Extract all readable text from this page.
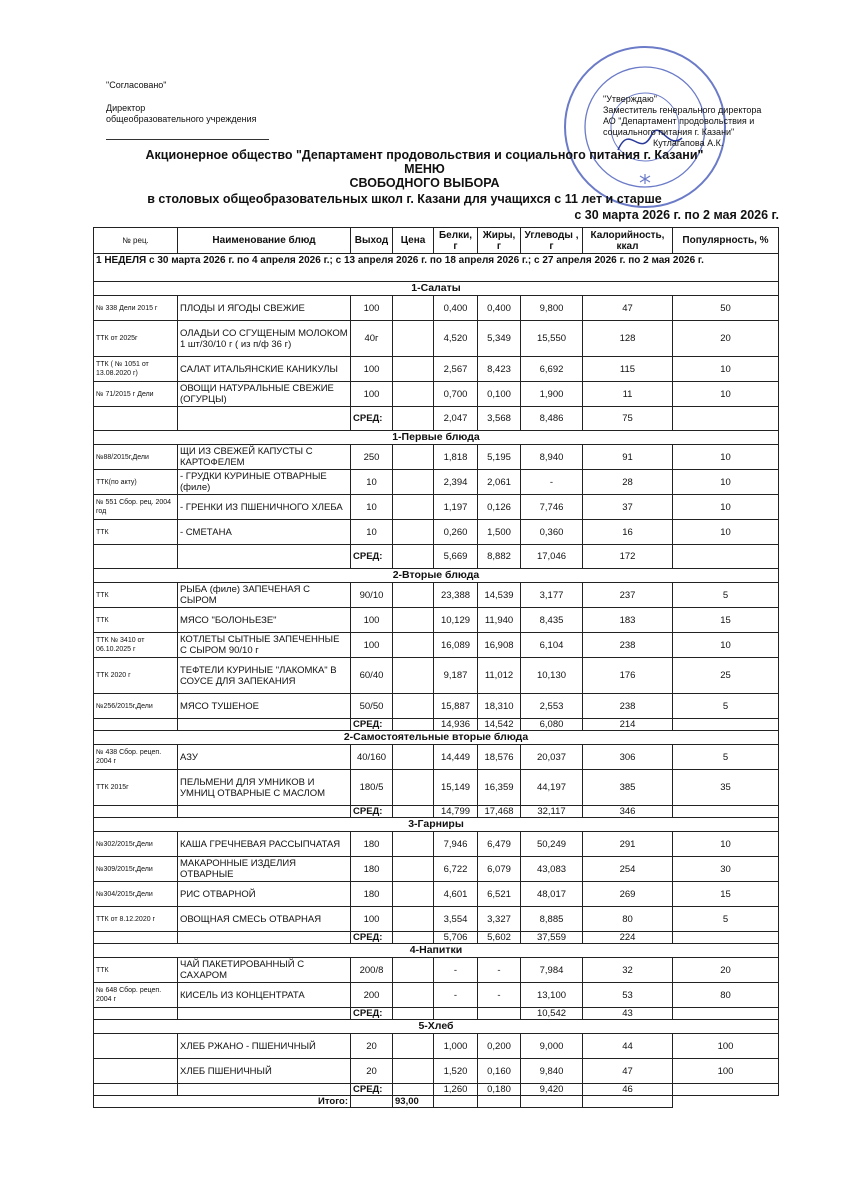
"Согласовано"
Директор
общеобразовательного учреждения
"Утверждаю"
Заместитель генерального директора
АО "Департамент продовольствия и
социального питания г. Казани"
Кутлагапова А.К.
Акционерное общество "Департамент продовольствия и социального питания г. Казани"
МЕНЮ
СВОБОДНОГО ВЫБОРА
в столовых общеобразовательных школ г. Казани для учащихся с 11 лет и старше
с 30 марта 2026 г. по 2 мая 2026 г.
№ рец.	Наименование блюд	Выход	Цена	Белки, г	Жиры, г	Углеводы , г	Калорийность, ккал	Популярность, %
1 НЕДЕЛЯ с 30 марта 2026 г. по 4 апреля 2026 г.; с 13 апреля 2026 г. по 18 апреля 2026 г.; с 27 апреля 2026 г. по 2 мая 2026 г.								
1-Салаты								
№ 338 Дели 2015 г	ПЛОДЫ И ЯГОДЫ СВЕЖИЕ	100		0,400	0,400	9,800	47	50
ТТК от 2025г	ОЛАДЬИ СО СГУЩЕНЫМ МОЛОКОМ 1 шт/30/10 г ( из п/ф 36 г)	40г		4,520	5,349	15,550	128	20
ТТК ( № 1051 от 13.08.2020 г)	САЛАТ ИТАЛЬЯНСКИЕ КАНИКУЛЫ	100		2,567	8,423	6,692	115	10
№ 71/2015 г Дели	ОВОЩИ НАТУРАЛЬНЫЕ СВЕЖИЕ (ОГУРЦЫ)	100		0,700	0,100	1,900	11	10
		СРЕД:		2,047	3,568	8,486	75	
1-Первые блюда								
№88/2015г,Дели	ЩИ ИЗ СВЕЖЕЙ КАПУСТЫ С КАРТОФЕЛЕМ	250		1,818	5,195	8,940	91	10
ТТК(по акту)	- ГРУДКИ КУРИНЫЕ ОТВАРНЫЕ (филе)	10		2,394	2,061	-	28	10
№ 551 Сбор. рец. 2004 год	- ГРЕНКИ ИЗ ПШЕНИЧНОГО ХЛЕБА	10		1,197	0,126	7,746	37	10
ТТК	- СМЕТАНА	10		0,260	1,500	0,360	16	10
		СРЕД:		5,669	8,882	17,046	172	
2-Вторые блюда								
ТТК	РЫБА (филе) ЗАПЕЧЕНАЯ С СЫРОМ	90/10		23,388	14,539	3,177	237	5
ТТК	МЯСО "БОЛОНЬЕЗЕ"	100		10,129	11,940	8,435	183	15
ТТК № 3410 от 06.10.2025 г	КОТЛЕТЫ СЫТНЫЕ ЗАПЕЧЕННЫЕ С СЫРОМ 90/10 г	100		16,089	16,908	6,104	238	10
ТТК 2020 г	ТЕФТЕЛИ КУРИНЫЕ "ЛАКОМКА" В СОУСЕ ДЛЯ ЗАПЕКАНИЯ	60/40		9,187	11,012	10,130	176	25
№256/2015г,Дели	МЯСО ТУШЕНОЕ	50/50		15,887	18,310	2,553	238	5
		СРЕД:		14,936	14,542	6,080	214	
2-Самостоятельные вторые блюда								
№ 438 Сбор. рецеп. 2004 г	АЗУ	40/160		14,449	18,576	20,037	306	5
ТТК 2015г	ПЕЛЬМЕНИ ДЛЯ УМНИКОВ И УМНИЦ ОТВАРНЫЕ С МАСЛОМ	180/5		15,149	16,359	44,197	385	35
		СРЕД:		14,799	17,468	32,117	346	
3-Гарниры								
№302/2015г,Дели	КАША ГРЕЧНЕВАЯ РАССЫПЧАТАЯ	180		7,946	6,479	50,249	291	10
№309/2015г,Дели	МАКАРОННЫЕ ИЗДЕЛИЯ ОТВАРНЫЕ	180		6,722	6,079	43,083	254	30
№304/2015г,Дели	РИС ОТВАРНОЙ	180		4,601	6,521	48,017	269	15
ТТК от 8.12.2020 г	ОВОЩНАЯ СМЕСЬ ОТВАРНАЯ	100		3,554	3,327	8,885	80	5
		СРЕД:		5,706	5,602	37,559	224	
4-Напитки								
ТТК	ЧАЙ ПАКЕТИРОВАННЫЙ С САХАРОМ	200/8		-	-	7,984	32	20
№ 648 Сбор. рецеп. 2004 г	КИСЕЛЬ ИЗ КОНЦЕНТРАТА	200		-	-	13,100	53	80
		СРЕД:				10,542	43	
5-Хлеб								
	ХЛЕБ РЖАНО - ПШЕНИЧНЫЙ	20		1,000	0,200	9,000	44	100
	ХЛЕБ ПШЕНИЧНЫЙ	20		1,520	0,160	9,840	47	100
		СРЕД:		1,260	0,180	9,420	46	
Итого:			93,00					
